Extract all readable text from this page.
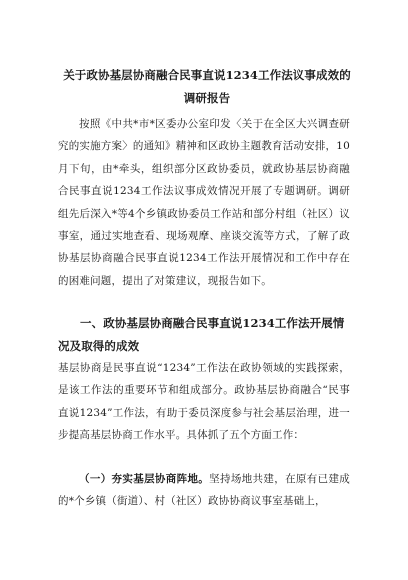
关于政协基层协商融合民事直说1234工作法议事成效的调研报告
按照《中共*市*区委办公室印发〈关于在全区大兴调查研究的实施方案〉的通知》精神和区政协主题教育活动安排，10月下旬，由*牵头，组织部分区政协委员，就政协基层协商融合民事直说1234工作法议事成效情况开展了专题调研。调研组先后深入*等4个乡镇政协委员工作站和部分村组（社区）议事室，通过实地查看、现场观摩、座谈交流等方式，了解了政协基层协商融合民事直说1234工作法开展情况和工作中存在的困难问题，提出了对策建议，现报告如下。
一、政协基层协商融合民事直说1234工作法开展情况及取得的成效
基层协商是民事直说“1234”工作法在政协领域的实践探索，是该工作法的重要环节和组成部分。政协基层协商融合“民事直说1234”工作法，有助于委员深度参与社会基层治理，进一步提高基层协商工作水平。具体抓了五个方面工作：
（一）夯实基层协商阵地。坚持场地共建，在原有已建成的*个乡镇（街道）、村（社区）政协协商议事室基础上，
